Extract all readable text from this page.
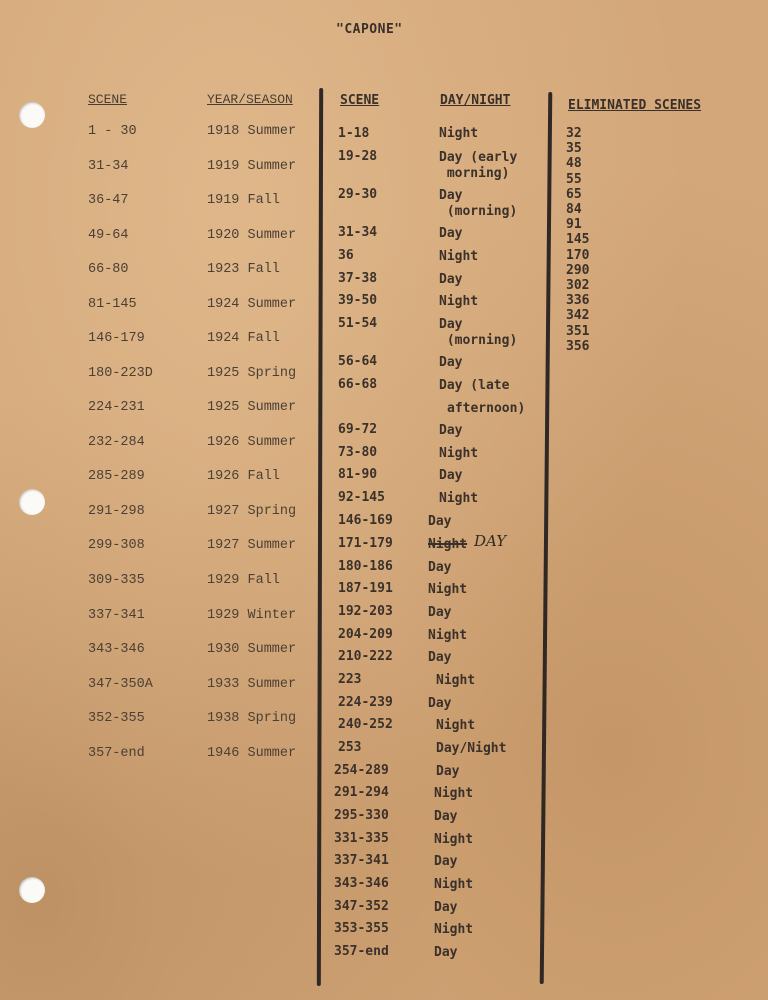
"CAPONE"
SCENE	YEAR/SEASON	SCENE	DAY/NIGHT	ELIMINATED SCENES
1 - 30	1918 Summer
31-34	1919 Summer
36-47	1919 Fall
49-64	1920 Summer
66-80	1923 Fall
81-145	1924 Summer
146-179	1924 Fall
180-223D	1925 Spring
224-231	1925 Summer
232-284	1926 Summer
285-289	1926 Fall
291-298	1927 Spring
299-308	1927 Summer
309-335	1929 Fall
337-341	1929 Winter
343-346	1930 Summer
347-350A	1933 Summer
352-355	1938 Spring
357-end	1946 Summer
1-18	Night
19-28	Day (early
morning)
29-30	Day
(morning)
31-34	Day
36	Night
37-38	Day
39-50	Night
51-54	Day
(morning)
56-64	Day
66-68	Day (late
afternoon)
69-72	Day
73-80	Night
81-90	Day
92-145	Night
146-169	Day
171-179	Night DAY
180-186	Day
187-191	Night
192-203	Day
204-209	Night
210-222	Day
223	Night
224-239	Day
240-252	Night
253	Day/Night
254-289	Day
291-294	Night
295-330	Day
331-335	Night
337-341	Day
343-346	Night
347-352	Day
353-355	Night
357-end	Day
32
35
48
55
65
84
91
145
170
290
302
336
342
351
356
